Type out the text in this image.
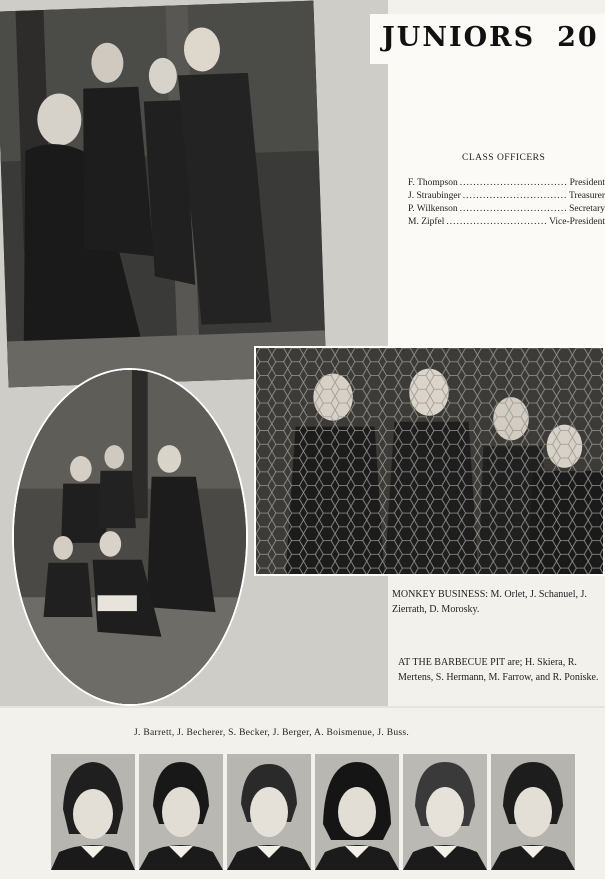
JUNIORS 20
CLASS OFFICERS
F. Thompson .....	President
J. Straubinger .....	Treasurer
P. Wilkenson .....	Secretary
M. Zipfel .....	Vice-President
MONKEY BUSINESS: M. Orlet, J. Schanuel, J. Zierrath, D. Morosky.
AT THE BARBECUE PIT are; H. Skiera, R. Mertens, S. Hermann, M. Farrow, and R. Poniske.
J. Barrett, J. Becherer, S. Becker, J. Berger, A. Boismenue, J. Buss.
